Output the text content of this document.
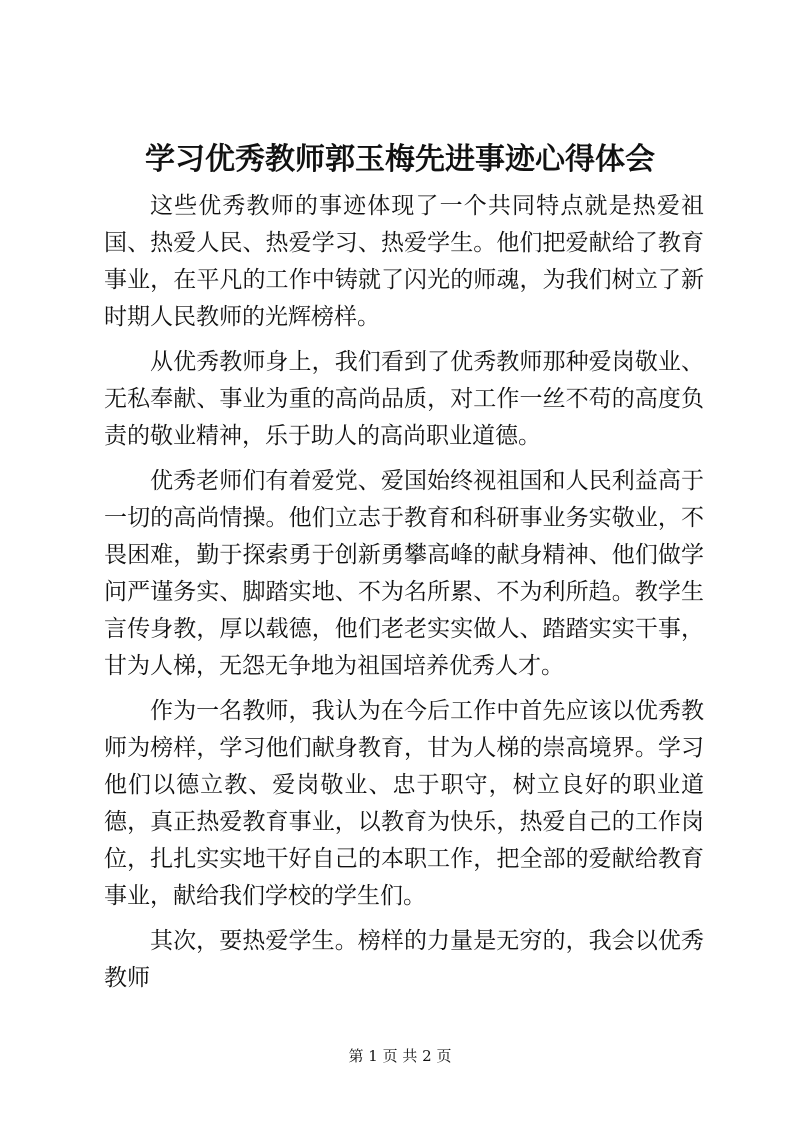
学习优秀教师郭玉梅先进事迹心得体会

这些优秀教师的事迹体现了一个共同特点就是热爱祖国、热爱人民、热爱学习、热爱学生。他们把爱献给了教育事业，在平凡的工作中铸就了闪光的师魂，为我们树立了新时期人民教师的光辉榜样。

从优秀教师身上，我们看到了优秀教师那种爱岗敬业、无私奉献、事业为重的高尚品质，对工作一丝不苟的高度负责的敬业精神，乐于助人的高尚职业道德。

优秀老师们有着爱党、爱国始终视祖国和人民利益高于一切的高尚情操。他们立志于教育和科研事业务实敬业，不畏困难，勤于探索勇于创新勇攀高峰的献身精神、他们做学问严谨务实、脚踏实地、不为名所累、不为利所趋。教学生言传身教，厚以载德，他们老老实实做人、踏踏实实干事，甘为人梯，无怨无争地为祖国培养优秀人才。

作为一名教师，我认为在今后工作中首先应该以优秀教师为榜样，学习他们献身教育，甘为人梯的崇高境界。学习他们以德立教、爱岗敬业、忠于职守，树立良好的职业道德，真正热爱教育事业，以教育为快乐，热爱自己的工作岗位，扎扎实实地干好自己的本职工作，把全部的爱献给教育事业，献给我们学校的学生们。

其次，要热爱学生。榜样的力量是无穷的，我会以优秀教师

第 1 页 共 2 页
